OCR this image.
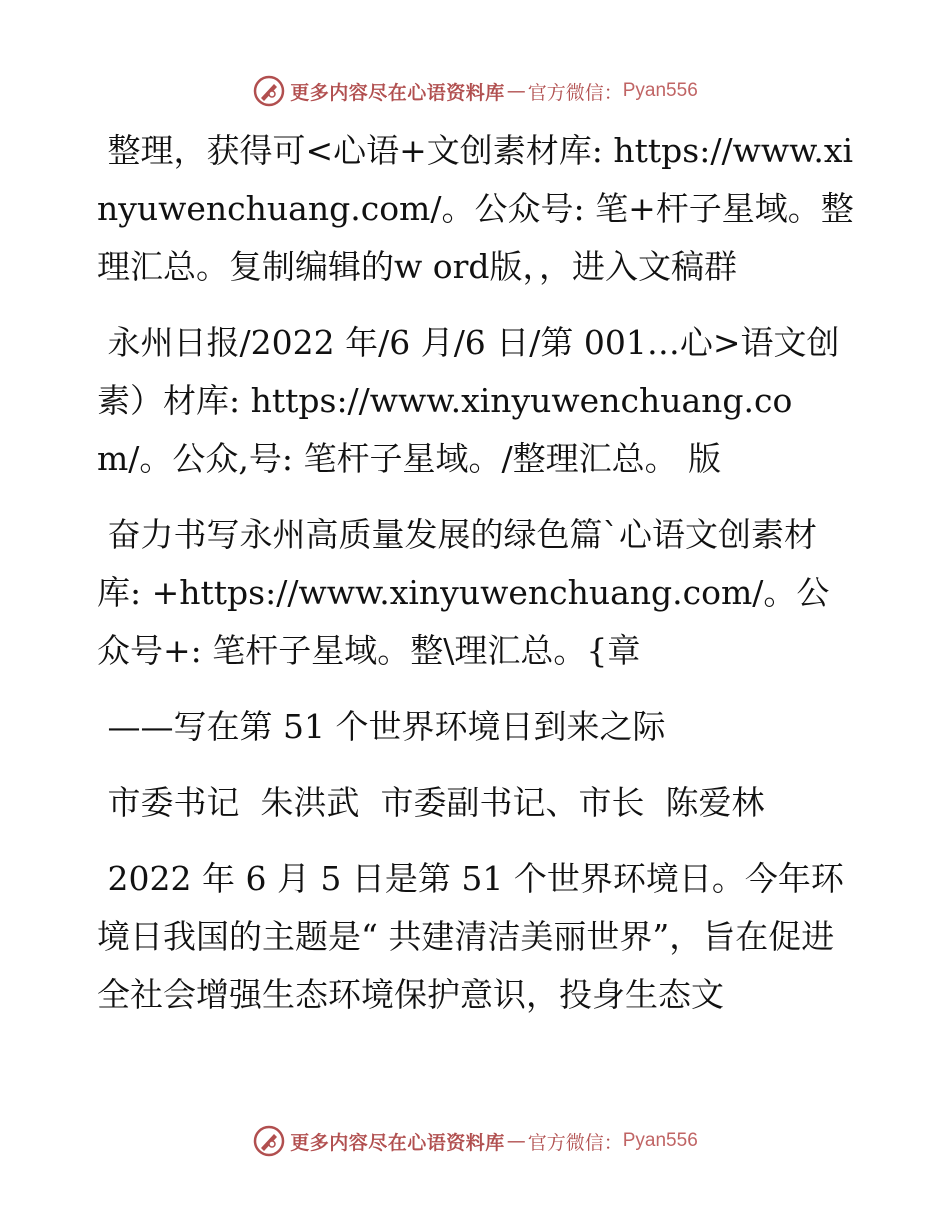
更多内容尽在心语资料库 — 官方微信： Pyan556

整理，获得可<心语+文创素材库: https://www.xinyuwenchuang.com/。公众号: 笔+杆子星域。整理汇总。复制编辑的w ord版，，进入文稿群

永州日报/2022 年/6 月/6 日/第 001…心>语文创素）材库: https://www.xinyuwenchuang.com/。公众,号: 笔杆子星域。/整理汇总。 版

奋力书写永州高质量发展的绿色篇`心语文创素材库: +https://www.xinyuwenchuang.com/。公众号+: 笔杆子星域。整\理汇总。{章

——写在第 51 个世界环境日到来之际

市委书记  朱洪武  市委副书记、市长  陈爱林

2022 年 6 月 5 日是第 51 个世界环境日。今年环境日我国的主题是“ 共建清洁美丽世界”，旨在促进全社会增强生态环境保护意识，投身生态文

更多内容尽在心语资料库 — 官方微信： Pyan556
